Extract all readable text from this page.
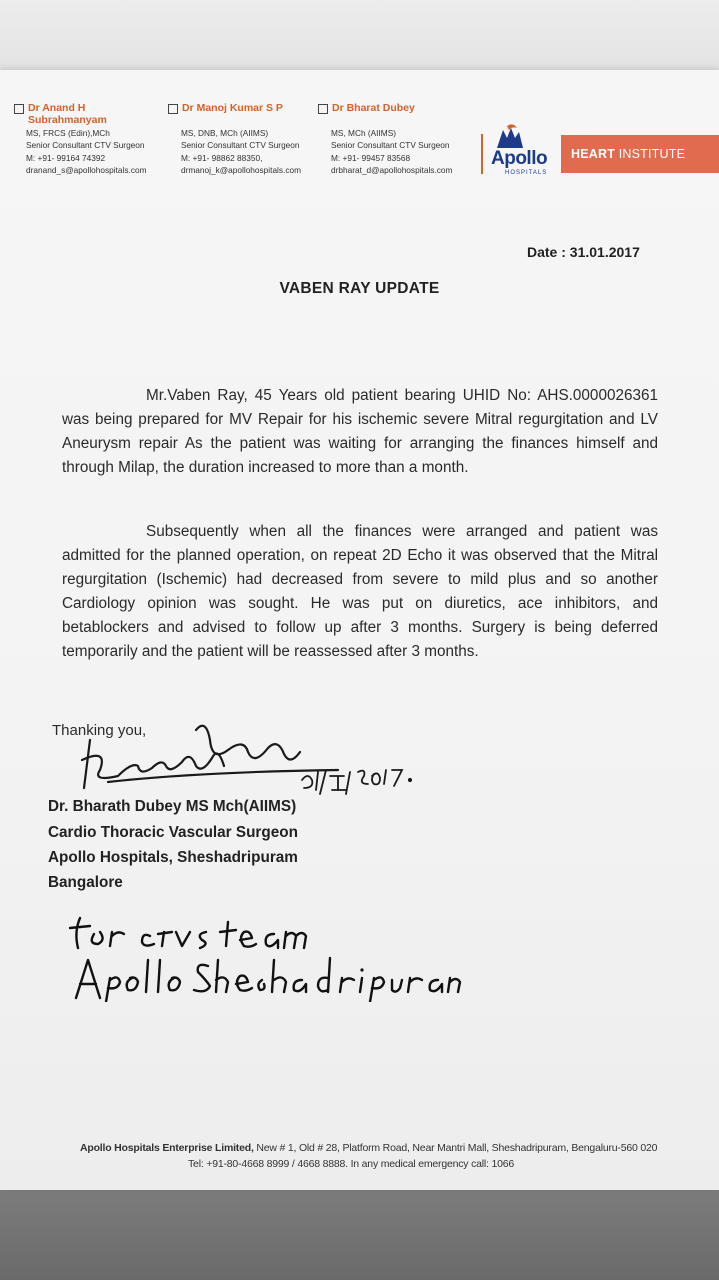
Dr Anand H
Subrahmanyam
MS, FRCS (Edin),MCh
Senior Consultant CTV Surgeon
M: +91- 99164 74392
dranand_s@apollohospitals.com
Dr Manoj Kumar S P
MS, DNB, MCh (AIIMS)
Senior Consultant CTV Surgeon
M: +91- 98862 88350,
drmanoj_k@apollohospitals.com
Dr Bharat Dubey
MS, MCh (AIIMS)
Senior Consultant CTV Surgeon
M: +91- 99457 83568
drbharat_d@apollohospitals.com
Apollo
HOSPITALS
HEART INSTITUTE
Date : 31.01.2017
VABEN RAY UPDATE
Mr.Vaben Ray, 45 Years old patient bearing UHID No: AHS.0000026361 was being prepared for MV Repair for his ischemic severe Mitral regurgitation and LV Aneurysm repair As the patient was waiting for arranging the finances himself and through Milap, the duration increased to more than a month.
Subsequently when all the finances were arranged and patient was admitted for the planned operation, on repeat 2D Echo it was observed that the Mitral regurgitation (Ischemic) had decreased from severe to mild plus and so another Cardiology opinion was sought. He was put on diuretics, ace inhibitors, and betablockers and advised to follow up after 3 months. Surgery is being deferred temporarily and the patient will be reassessed after 3 months.
Thanking you,
Dr. Bharath Dubey MS Mch(AIIMS)
Cardio Thoracic Vascular Surgeon
Apollo Hospitals, Sheshadripuram
Bangalore
Apollo Hospitals Enterprise Limited, New # 1, Old # 28, Platform Road, Near Mantri Mall, Sheshadripuram, Bengaluru-560 020
Tel: +91-80-4668 8999 / 4668 8888. In any medical emergency call: 1066
